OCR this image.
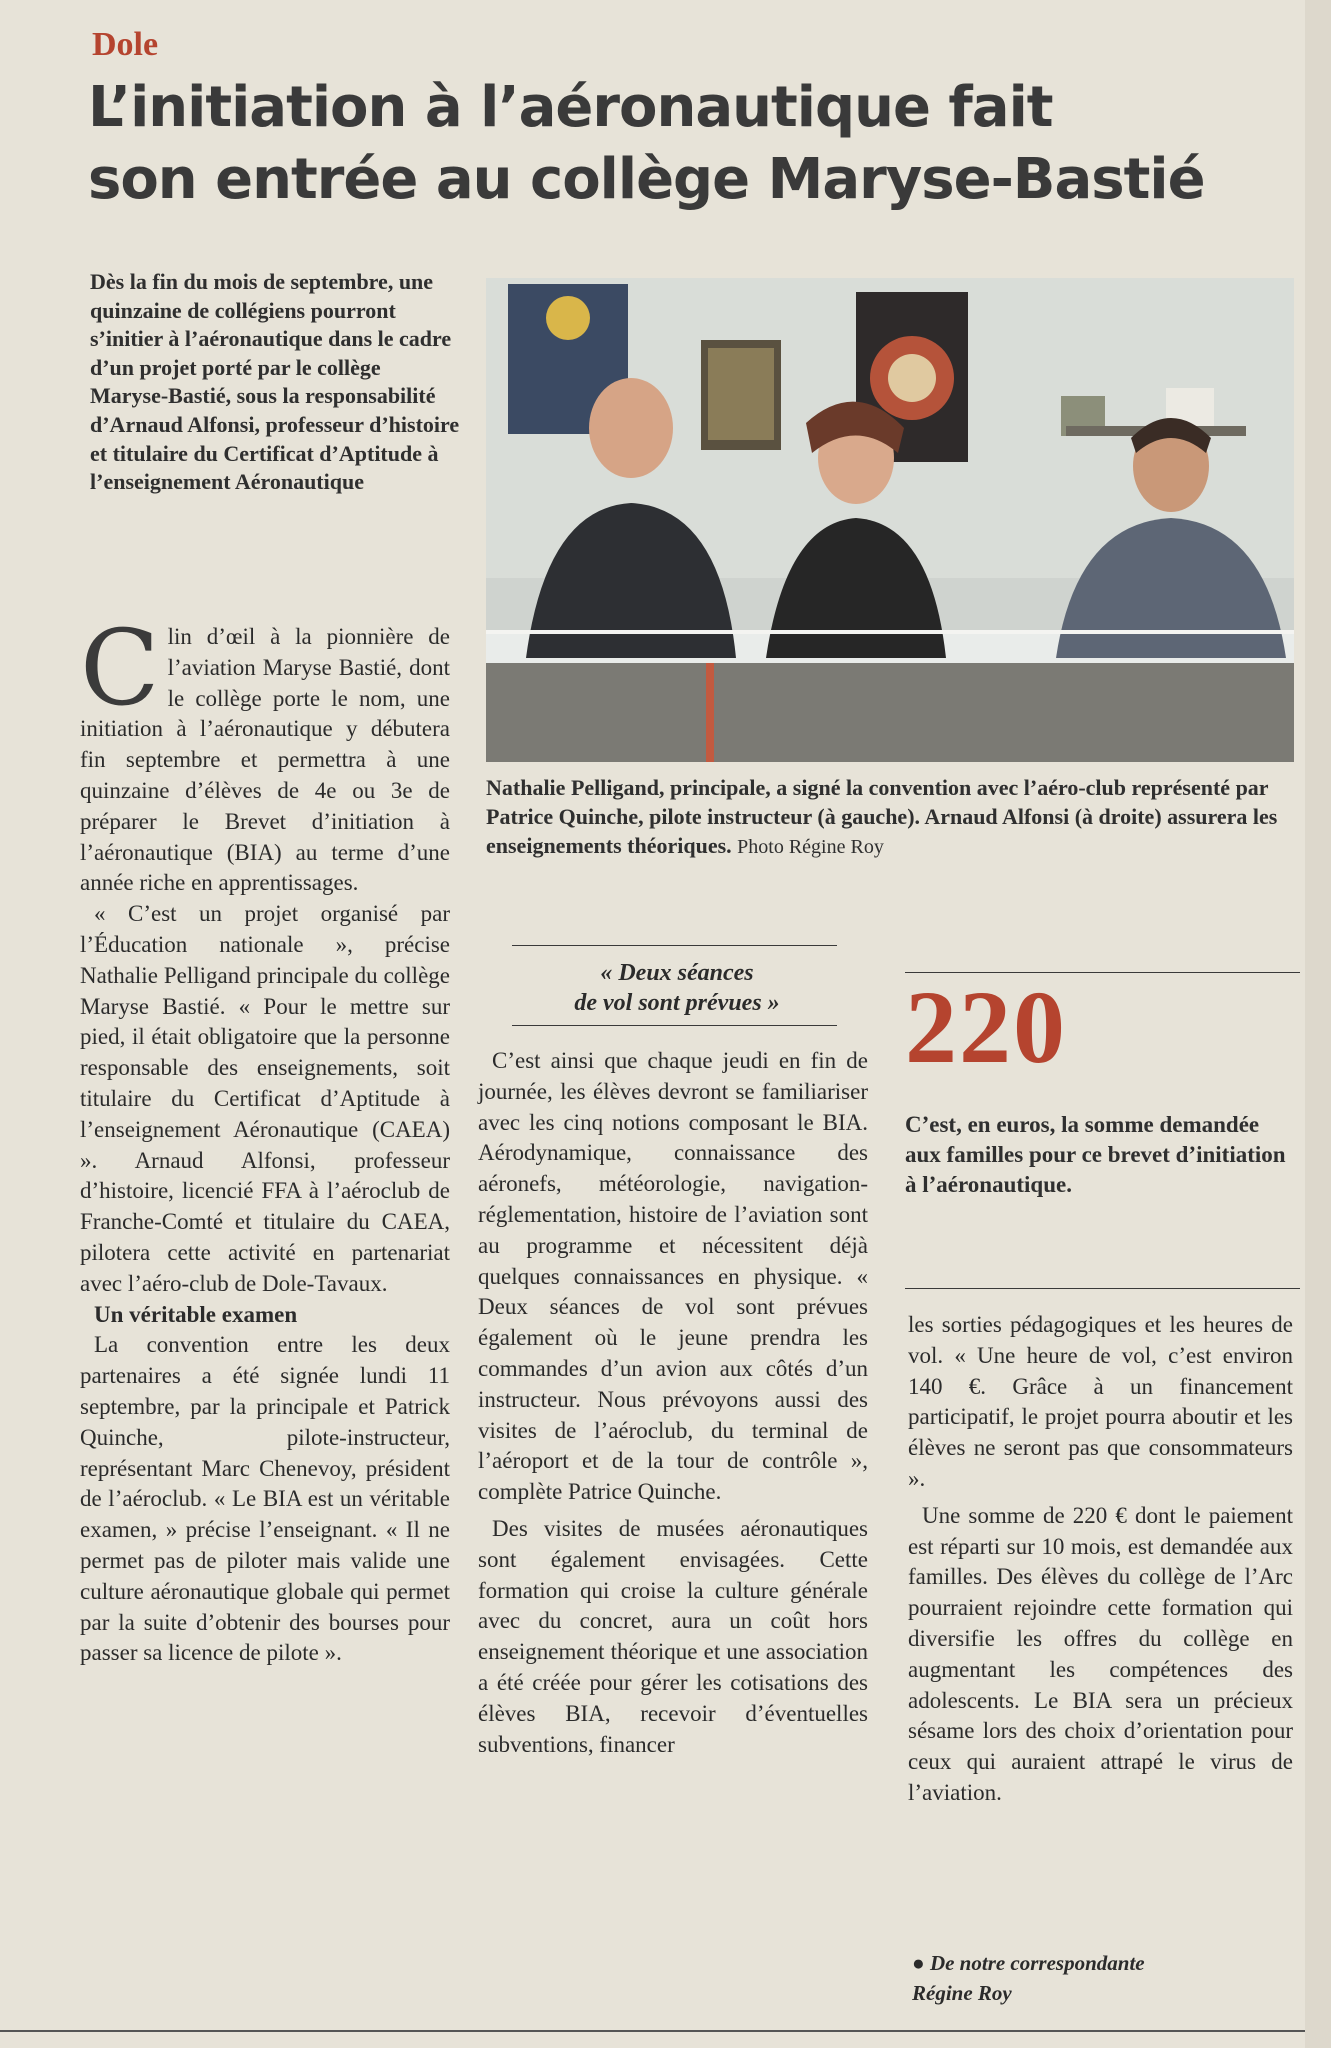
Dole
L’initiation à l’aéronautique fait
son entrée au collège Maryse-Bastié
Dès la fin du mois de septembre, une quinzaine de collégiens pourront s’initier à l’aéronautique dans le cadre d’un projet porté par le collège Maryse-Bastié, sous la responsabilité d’Arnaud Alfonsi, professeur d’histoire et titulaire du Certificat d’Aptitude à l’enseignement Aéronautique
Nathalie Pelligand, principale, a signé la convention avec l’aéro-club représenté par Patrice Quinche, pilote instructeur (à gauche). Arnaud Alfonsi (à droite) assurera les enseignements théoriques. Photo Régine Roy

Clin d’œil à la pionnière de l’aviation Maryse Bastié, dont le collège porte le nom, une initiation à l’aéronautique y débutera fin septembre et permettra à une quinzaine d’élèves de 4e ou 3e de préparer le Brevet d’initiation à l’aéronautique (BIA) au terme d’une année riche en apprentissages.

« C’est un projet organisé par l’Éducation nationale », précise Nathalie Pelligand principale du collège Maryse Bastié. « Pour le mettre sur pied, il était obligatoire que la personne responsable des enseignements, soit titulaire du Certificat d’Aptitude à l’enseignement Aéronautique (CAEA) ». Arnaud Alfonsi, professeur d’histoire, licencié FFA à l’aéroclub de Franche-Comté et titulaire du CAEA, pilotera cette activité en partenariat avec l’aéro-club de Dole-Tavaux.

Un véritable examen

La convention entre les deux partenaires a été signée lundi 11 septembre, par la principale et Patrick Quinche, pilote-instructeur, représentant Marc Chenevoy, président de l’aéroclub. « Le BIA est un véritable examen, » précise l’enseignant. « Il ne permet pas de piloter mais valide une culture aéronautique globale qui permet par la suite d’obtenir des bourses pour passer sa licence de pilote ».

« Deux séances
de vol sont prévues »

C’est ainsi que chaque jeudi en fin de journée, les élèves devront se familiariser avec les cinq notions composant le BIA. Aérodynamique, connaissance des aéronefs, météorologie, navigation-réglementation, histoire de l’aviation sont au programme et nécessitent déjà quelques connaissances en physique. « Deux séances de vol sont prévues également où le jeune prendra les commandes d’un avion aux côtés d’un instructeur. Nous prévoyons aussi des visites de l’aéroclub, du terminal de l’aéroport et de la tour de contrôle », complète Patrice Quinche.

Des visites de musées aéronautiques sont également envisagées. Cette formation qui croise la culture générale avec du concret, aura un coût hors enseignement théorique et une association a été créée pour gérer les cotisations des élèves BIA, recevoir d’éventuelles subventions, financer

220
C’est, en euros, la somme demandée aux familles pour ce brevet d’initiation à l’aéronautique.

les sorties pédagogiques et les heures de vol. « Une heure de vol, c’est environ 140 €. Grâce à un financement participatif, le projet pourra aboutir et les élèves ne seront pas que consommateurs ».

Une somme de 220 € dont le paiement est réparti sur 10 mois, est demandée aux familles. Des élèves du collège de l’Arc pourraient rejoindre cette formation qui diversifie les offres du collège en augmentant les compétences des adolescents. Le BIA sera un précieux sésame lors des choix d’orientation pour ceux qui auraient attrapé le virus de l’aviation.

● De notre correspondante
Régine Roy
